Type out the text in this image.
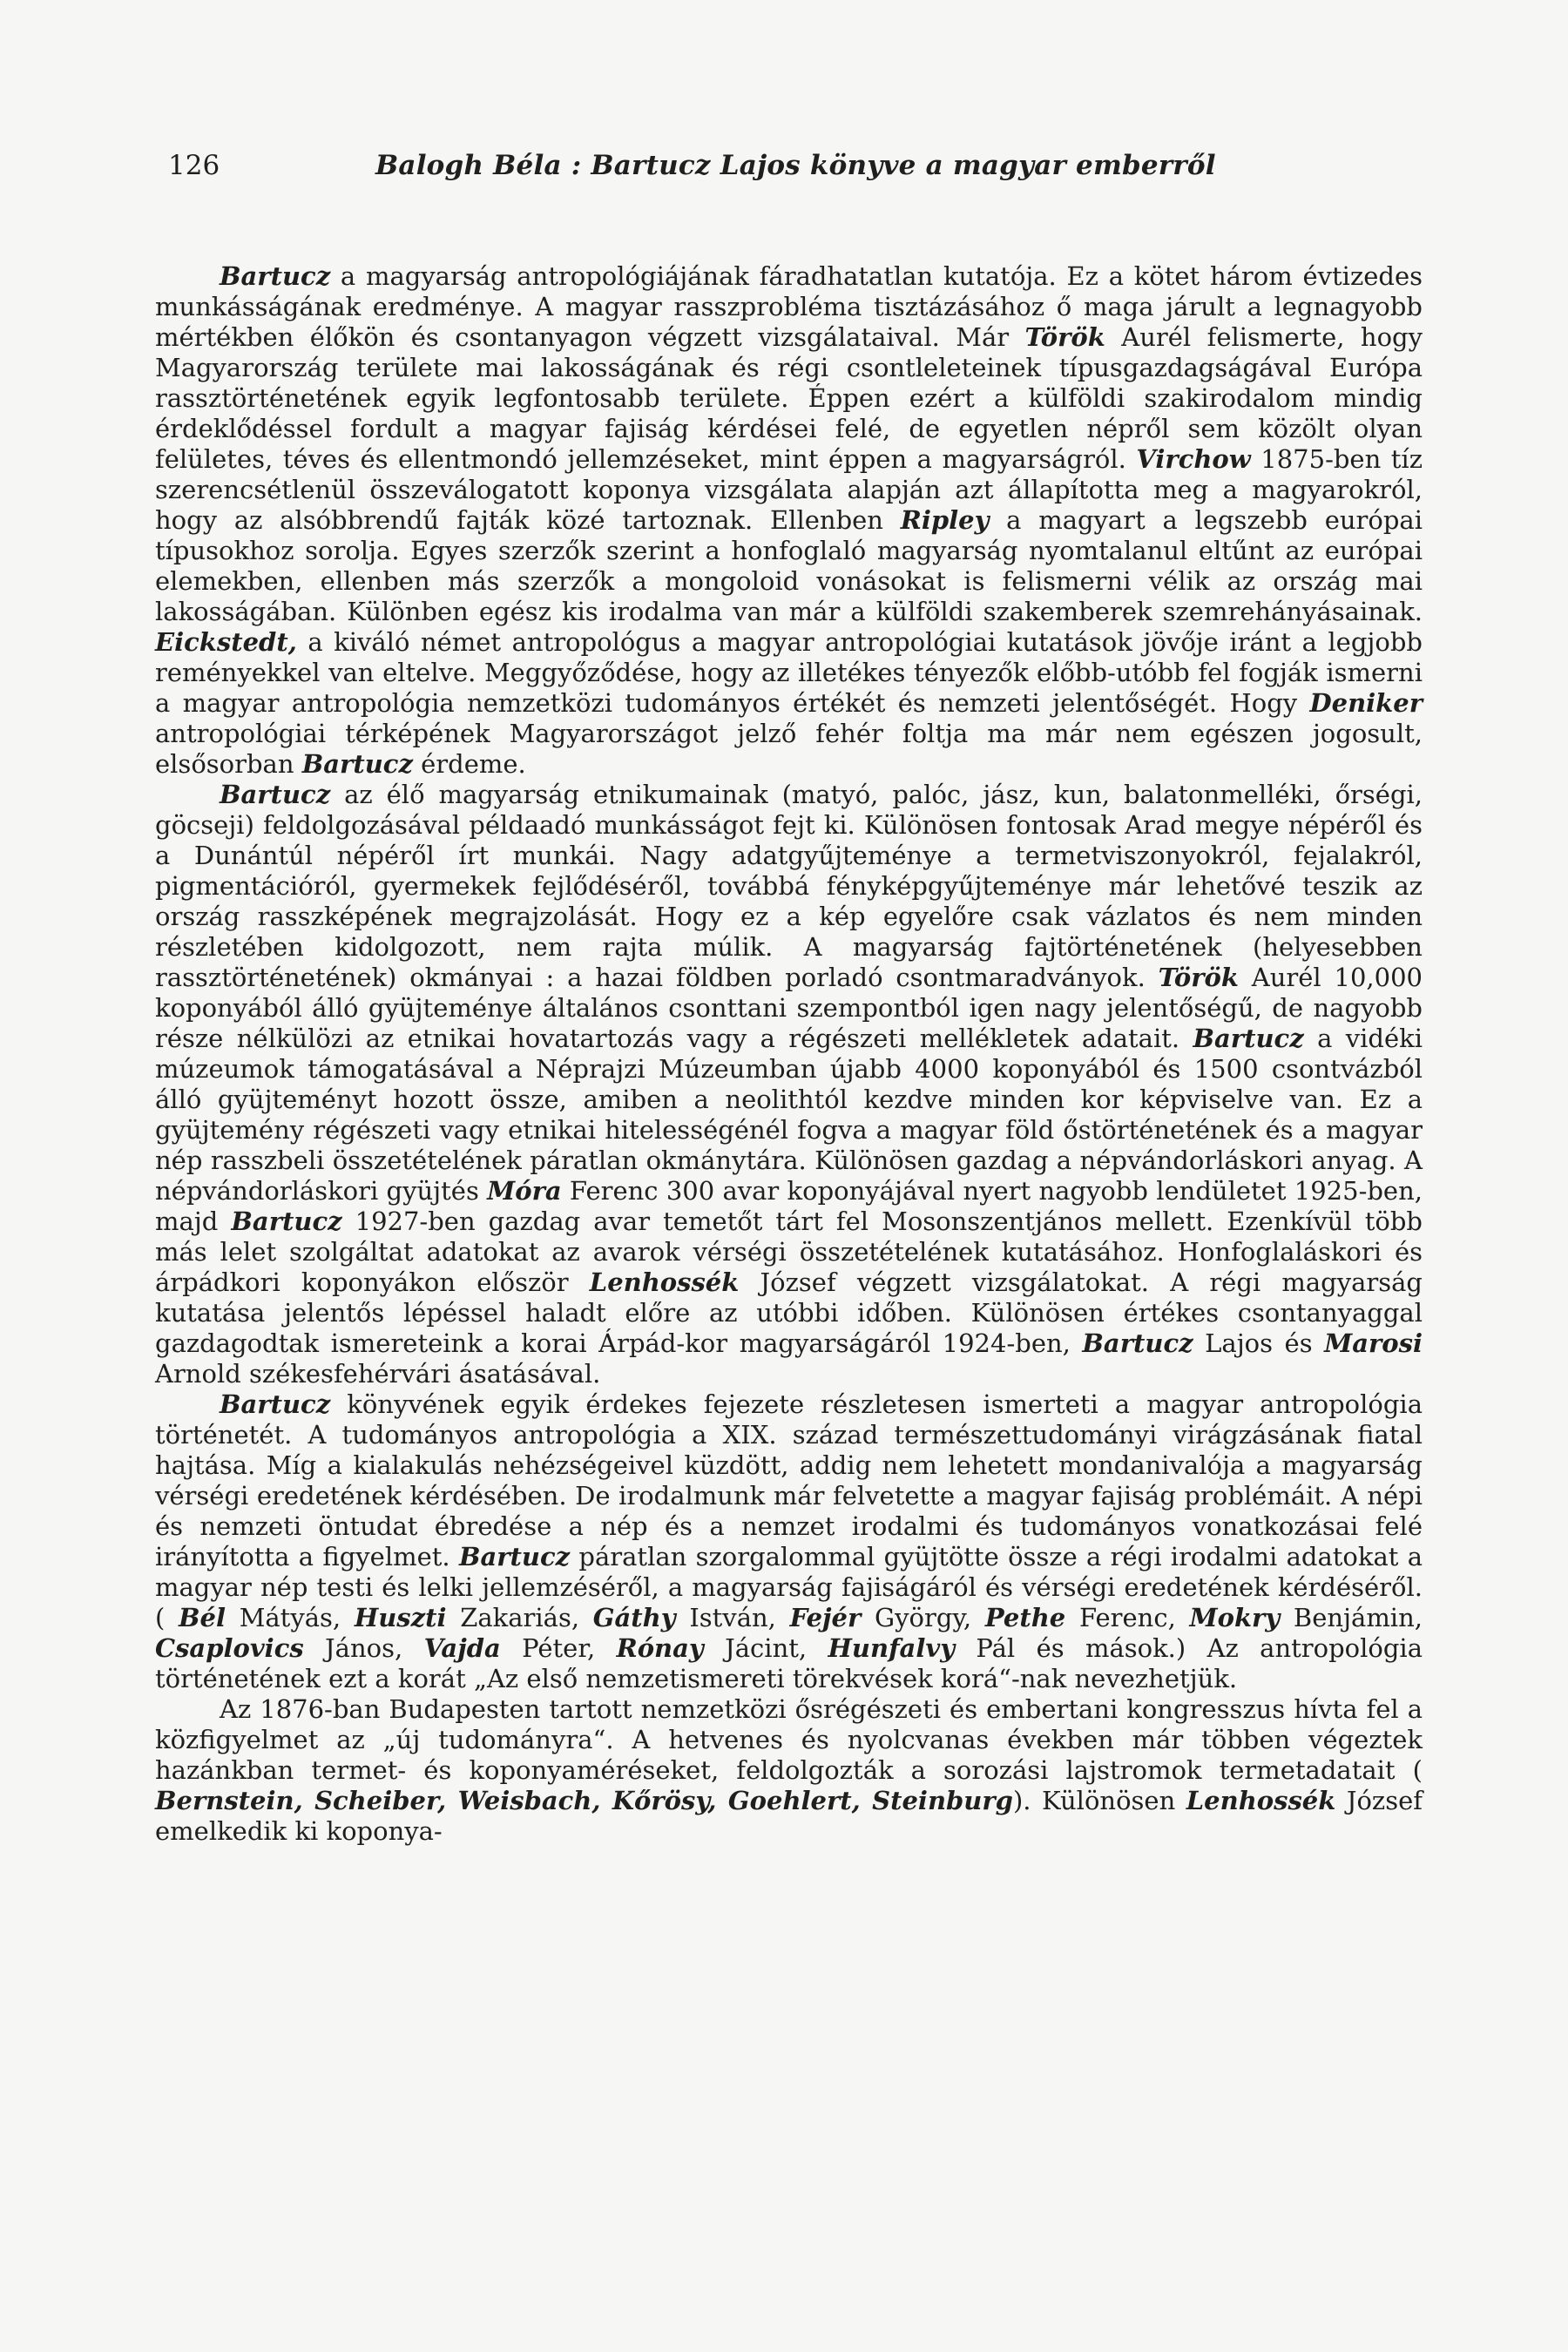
126	Balogh Béla : Bartucz Lajos könyve a magyar emberről

Bartucz a magyarság antropológiájának fáradhatatlan kutatója. Ez a kötet három évtizedes munkásságának eredménye. A magyar rasszprobléma tisztázásához ő maga járult a legnagyobb mértékben élőkön és csontanyagon végzett vizsgálataival. Már Török Aurél felismerte, hogy Magyarország területe mai lakosságának és régi csontleleteinek típusgazdagságával Európa rassztörténetének egyik legfontosabb területe. Éppen ezért a külföldi szakirodalom mindig érdeklődéssel fordult a magyar fajiság kérdései felé, de egyetlen népről sem közölt olyan felületes, téves és ellentmondó jellemzéseket, mint éppen a magyarságról. Virchow 1875-ben tíz szerencsétlenül összeválogatott koponya vizsgálata alapján azt állapította meg a magyarokról, hogy az alsóbbrendű fajták közé tartoznak. Ellenben Ripley a magyart a legszebb európai típusokhoz sorolja. Egyes szerzők szerint a honfoglaló magyarság nyomtalanul eltűnt az európai elemekben, ellenben más szerzők a mongoloid vonásokat is felismerni vélik az ország mai lakosságában. Különben egész kis irodalma van már a külföldi szakemberek szemrehányásainak. Eickstedt, a kiváló német antropológus a magyar antropológiai kutatások jövője iránt a legjobb reményekkel van eltelve. Meggyőződése, hogy az illetékes tényezők előbb-utóbb fel fogják ismerni a magyar antropológia nemzetközi tudományos értékét és nemzeti jelentőségét. Hogy Deniker antropológiai térképének Magyarországot jelző fehér foltja ma már nem egészen jogosult, elsősorban Bartucz érdeme.

Bartucz az élő magyarság etnikumainak (matyó, palóc, jász, kun, balatonmelléki, őrségi, göcseji) feldolgozásával példaadó munkásságot fejt ki. Különösen fontosak Arad megye népéről és a Dunántúl népéről írt munkái. Nagy adatgyűjteménye a termetviszonyokról, fejalakról, pigmentációról, gyermekek fejlődéséről, továbbá fényképgyűjteménye már lehetővé teszik az ország rasszképének megrajzolását. Hogy ez a kép egyelőre csak vázlatos és nem minden részletében kidolgozott, nem rajta múlik. A magyarság fajtörténetének (helyesebben rassztörténetének) okmányai : a hazai földben porladó csontmaradványok. Török Aurél 10,000 koponyából álló gyüjteménye általános csonttani szempontból igen nagy jelentőségű, de nagyobb része nélkülözi az etnikai hovatartozás vagy a régészeti mellékletek adatait. Bartucz a vidéki múzeumok támogatásával a Néprajzi Múzeumban újabb 4000 koponyából és 1500 csontvázból álló gyüjteményt hozott össze, amiben a neolithtól kezdve minden kor képviselve van. Ez a gyüjtemény régészeti vagy etnikai hitelességénél fogva a magyar föld őstörténetének és a magyar nép rasszbeli összetételének páratlan okmánytára. Különösen gazdag a népvándorláskori anyag. A népvándorláskori gyüjtés Móra Ferenc 300 avar koponyájával nyert nagyobb lendületet 1925-ben, majd Bartucz 1927-ben gazdag avar temetőt tárt fel Mosonszentjános mellett. Ezenkívül több más lelet szolgáltat adatokat az avarok vérségi összetételének kutatásához. Honfoglaláskori és árpádkori koponyákon először Lenhossék József végzett vizsgálatokat. A régi magyarság kutatása jelentős lépéssel haladt előre az utóbbi időben. Különösen értékes csontanyaggal gazdagodtak ismereteink a korai Árpád-kor magyarságáról 1924-ben, Bartucz Lajos és Marosi Arnold székesfehérvári ásatásával.

Bartucz könyvének egyik érdekes fejezete részletesen ismerteti a magyar antropológia történetét. A tudományos antropológia a XIX. század természettudományi virágzásának fiatal hajtása. Míg a kialakulás nehézségeivel küzdött, addig nem lehetett mondanivalója a magyarság vérségi eredetének kérdésében. De irodalmunk már felvetette a magyar fajiság problémáit. A népi és nemzeti öntudat ébredése a nép és a nemzet irodalmi és tudományos vonatkozásai felé irányította a figyelmet. Bartucz páratlan szorgalommal gyüjtötte össze a régi irodalmi adatokat a magyar nép testi és lelki jellemzéséről, a magyarság fajiságáról és vérségi eredetének kérdéséről. ( Bél Mátyás, Huszti Zakariás, Gáthy István, Fejér György, Pethe Ferenc, Mokry Benjámin, Csaplovics János, Vajda Péter, Rónay Jácint, Hunfalvy Pál és mások.) Az antropológia történetének ezt a korát „Az első nemzetismereti törekvések korá“-nak nevezhetjük.

Az 1876-ban Budapesten tartott nemzetközi ősrégészeti és embertani kongresszus hívta fel a közfigyelmet az „új tudományra“. A hetvenes és nyolcvanas években már többen végeztek hazánkban termet- és koponyaméréseket, feldolgozták a sorozási lajstromok termetadatait ( Bernstein, Scheiber, Weisbach, Kőrösy, Goehlert, Steinburg). Különösen Lenhossék József emelkedik ki koponya-
